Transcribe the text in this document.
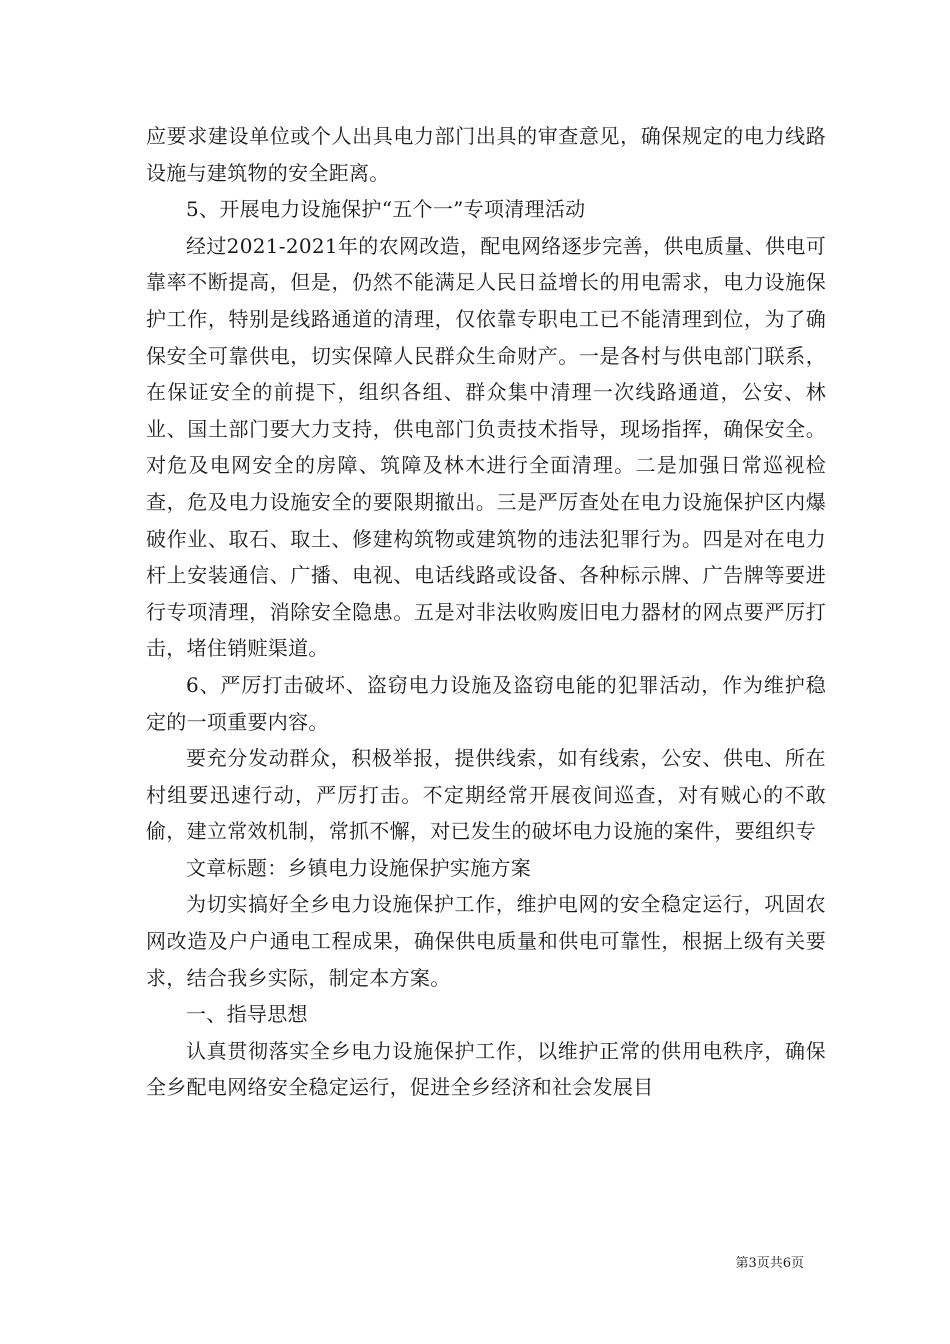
应要求建设单位或个人出具电力部门出具的审查意见，确保规定的电力线路设施与建筑物的安全距离。

5、开展电力设施保护“五个一”专项清理活动

经过2021-2021年的农网改造，配电网络逐步完善，供电质量、供电可靠率不断提高，但是，仍然不能满足人民日益增长的用电需求，电力设施保护工作，特别是线路通道的清理，仅依靠专职电工已不能清理到位，为了确保安全可靠供电，切实保障人民群众生命财产。一是各村与供电部门联系，在保证安全的前提下，组织各组、群众集中清理一次线路通道，公安、林业、国土部门要大力支持，供电部门负责技术指导，现场指挥，确保安全。对危及电网安全的房障、筑障及林木进行全面清理。二是加强日常巡视检查，危及电力设施安全的要限期撤出。三是严厉查处在电力设施保护区内爆破作业、取石、取土、修建构筑物或建筑物的违法犯罪行为。四是对在电力杆上安装通信、广播、电视、电话线路或设备、各种标示牌、广告牌等要进行专项清理，消除安全隐患。五是对非法收购废旧电力器材的网点要严厉打击，堵住销赃渠道。

6、严厉打击破坏、盗窃电力设施及盗窃电能的犯罪活动，作为维护稳定的一项重要内容。

要充分发动群众，积极举报，提供线索，如有线索，公安、供电、所在村组要迅速行动，严厉打击。不定期经常开展夜间巡查，对有贼心的不敢偷，建立常效机制，常抓不懈，对已发生的破坏电力设施的案件，要组织专

文章标题：乡镇电力设施保护实施方案

为切实搞好全乡电力设施保护工作，维护电网的安全稳定运行，巩固农网改造及户户通电工程成果，确保供电质量和供电可靠性，根据上级有关要求，结合我乡实际，制定本方案。

一、指导思想

认真贯彻落实全乡电力设施保护工作，以维护正常的供用电秩序，确保全乡配电网络安全稳定运行，促进全乡经济和社会发展目

第3页共6页
